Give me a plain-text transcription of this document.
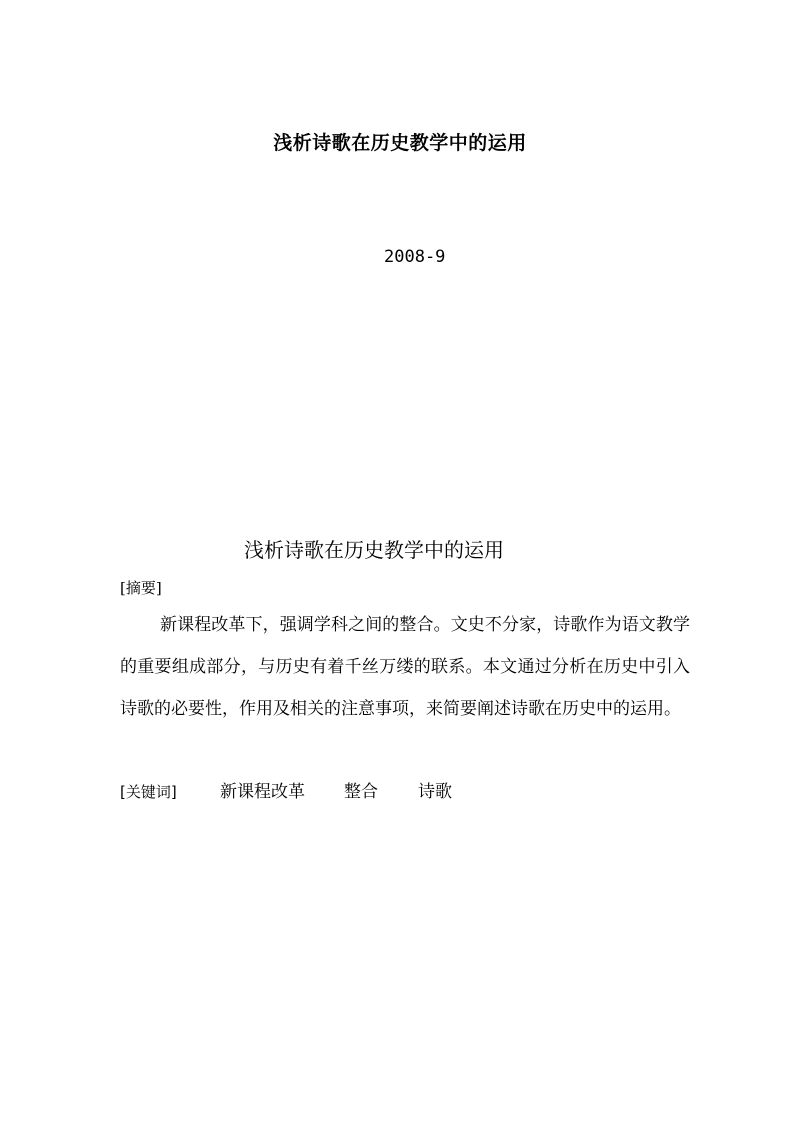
浅析诗歌在历史教学中的运用
2008-9
浅析诗歌在历史教学中的运用
[摘要]

新课程改革下，强调学科之间的整合。文史不分家，诗歌作为语文教学的重要组成部分，与历史有着千丝万缕的联系。本文通过分析在历史中引入诗歌的必要性，作用及相关的注意事项，来简要阐述诗歌在历史中的运用。

[关键词]	新课程改革	整合	诗歌
